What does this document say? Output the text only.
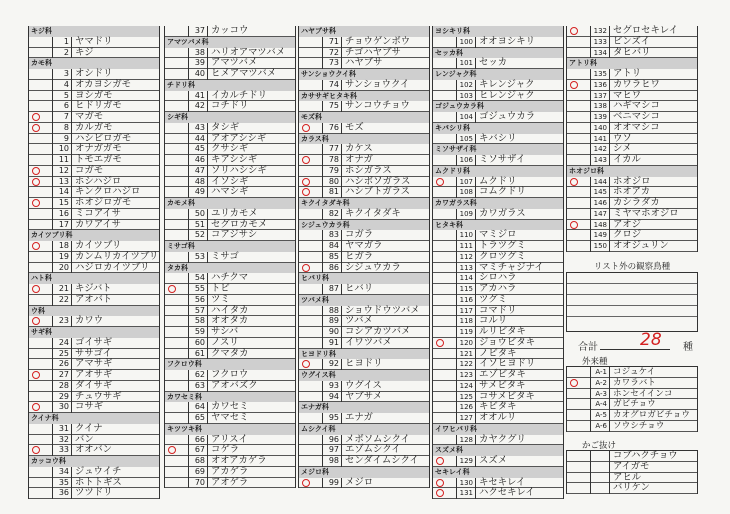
キジ科
1 ヤマドリ
2 キジ
カモ科
3 オシドリ
4 オカヨシガモ
5 ヨシガモ
6 ヒドリガモ
7 マガモ
8 カルガモ
9 ハシビロガモ
10 オナガガモ
11 トモエガモ
12 コガモ
13 ホシハジロ
14 キンクロハジロ
15 ホオジロガモ
16 ミコアイサ
17 カワアイサ
カイツブリ科
18 カイツブリ
19 カンムリカイツブリ
20 ハジロカイツブリ
ハト科
21 キジバト
22 アオバト
ウ科
23 カワウ
サギ科
24 ゴイサギ
25 ササゴイ
26 アマサギ
27 アオサギ
28 ダイサギ
29 チュウサギ
30 コサギ
クイナ科
31 クイナ
32 バン
33 オオバン
カッコウ科
34 ジュウイチ
35 ホトトギス
36 ツツドリ
37 カッコウ
アマツバメ科
38 ハリオアマツバメ
39 アマツバメ
40 ヒメアマツバメ
チドリ科
41 イカルチドリ
42 コチドリ
シギ科
43 タシギ
44 アオアシシギ
45 クサシギ
46 キアシシギ
47 ソリハシシギ
48 イソシギ
49 ハマシギ
カモメ科
50 ユリカモメ
51 セグロカモメ
52 コアジサシ
ミサゴ科
53 ミサゴ
タカ科
54 ハチクマ
55 トビ
56 ツミ
57 ハイタカ
58 オオタカ
59 サシバ
60 ノスリ
61 クマタカ
フクロウ科
62 フクロウ
63 アオバズク
カワセミ科
64 カワセミ
65 ヤマセミ
キツツキ科
66 アリスイ
67 コゲラ
68 オオアカゲラ
69 アカゲラ
70 アオゲラ
ハヤブサ科
71 チョウゲンボウ
72 チゴハヤブサ
73 ハヤブサ
サンショウクイ科
74 サンショウクイ
カササギヒタキ科
75 サンコウチョウ
モズ科
76 モズ
カラス科
77 カケス
78 オナガ
79 ホシガラス
80 ハシボソガラス
81 ハシブトガラス
キクイタダキ科
82 キクイタダキ
シジュウカラ科
83 コガラ
84 ヤマガラ
85 ヒガラ
86 シジュウカラ
ヒバリ科
87 ヒバリ
ツバメ科
88 ショウドウツバメ
89 ツバメ
90 コシアカツバメ
91 イワツバメ
ヒヨドリ科
92 ヒヨドリ
ウグイス科
93 ウグイス
94 ヤブサメ
エナガ科
95 エナガ
ムシクイ科
96 メボソムシクイ
97 エゾムシクイ
98 センダイムシクイ
メジロ科
99 メジロ
ヨシキリ科
100 オオヨシキリ
セッカ科
101 セッカ
レンジャク科
102 キレンジャク
103 ヒレンジャク
ゴジュウカラ科
104 ゴジュウカラ
キバシリ科
105 キバシリ
ミソサザイ科
106 ミソサザイ
ムクドリ科
107 ムクドリ
108 コムクドリ
カワガラス科
109 カワガラス
ヒタキ科
110 マミジロ
111 トラツグミ
112 クロツグミ
113 マミチャジナイ
114 シロハラ
115 アカハラ
116 ツグミ
117 コマドリ
118 コルリ
119 ルリビタキ
120 ジョウビタキ
121 ノビタキ
122 イソヒヨドリ
123 エゾビタキ
124 サメビタキ
125 コサメビタキ
126 キビタキ
127 オオルリ
イワヒバリ科
128 カヤクグリ
スズメ科
129 スズメ
セキレイ科
130 キセキレイ
131 ハクセキレイ
132 セグロセキレイ
133 ビンズイ
134 タヒバリ
アトリ科
135 アトリ
136 カワラヒワ
137 マヒワ
138 ハギマシコ
139 ベニマシコ
140 オオマシコ
141 ウソ
142 シメ
143 イカル
ホオジロ科
144 ホオジロ
145 ホオアカ
146 カシラダカ
147 ミヤマホオジロ
148 アオジ
149 クロジ
150 オオジュリン
リスト外の観察鳥種
合計 28 種
外来種
A-1 コジュケイ
A-2 カワラバト
A-3 ホンセイインコ
A-4 ガビチョウ
A-5 カオグロガビチョウ
A-6 ソウシチョウ
かご抜け
コブハクチョウ
アイガモ
アヒル
バリケン
